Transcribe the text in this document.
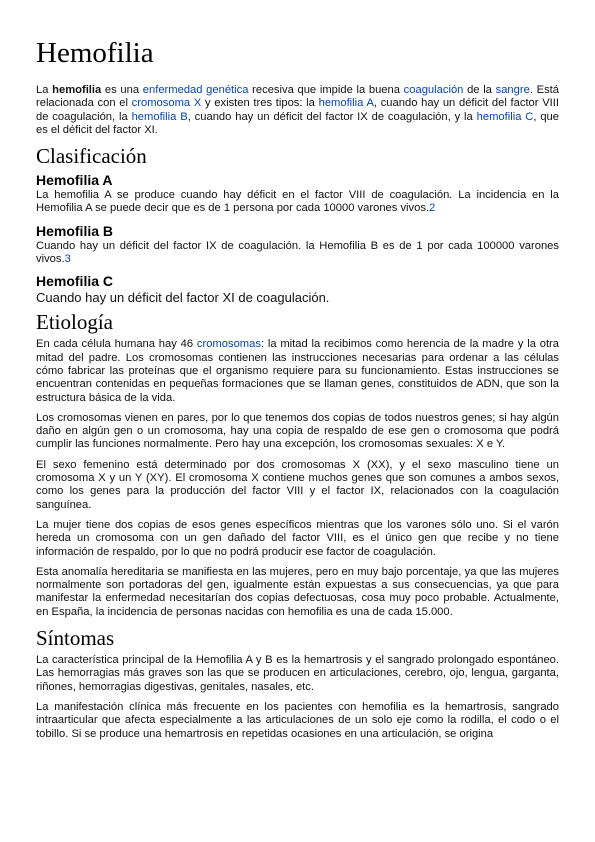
Hemofilia

La hemofilia es una enfermedad genética recesiva que impide la buena coagulación de la sangre. Está relacionada con el cromosoma X y existen tres tipos: la hemofilia A, cuando hay un déficit del factor VIII de coagulación, la hemofilia B, cuando hay un déficit del factor IX de coagulación, y la hemofilia C, que es el déficit del factor XI.

Clasificación
Hemofilia A

La hemofilia A se produce cuando hay déficit en el factor VIII de coagulación. La incidencia en la Hemofilia A se puede decir que es de 1 persona por cada 10000 varones vivos.2

Hemofilia B

Cuando hay un déficit del factor IX de coagulación. la Hemofilia B es de 1 por cada 100000 varones vivos.3

Hemofilia C

Cuando hay un déficit del factor XI de coagulación.

Etiología

En cada célula humana hay 46 cromosomas: la mitad la recibimos como herencia de la madre y la otra mitad del padre. Los cromosomas contienen las instrucciones necesarias para ordenar a las células cómo fabricar las proteínas que el organismo requiere para su funcionamiento. Estas instrucciones se encuentran contenidas en pequeñas formaciones que se llaman genes, constituidos de ADN, que son la estructura básica de la vida.

Los cromosomas vienen en pares, por lo que tenemos dos copias de todos nuestros genes; si hay algún daño en algún gen o un cromosoma, hay una copia de respaldo de ese gen o cromosoma que podrá cumplir las funciones normalmente. Pero hay una excepción, los cromosomas sexuales: X e Y.

El sexo femenino está determinado por dos cromosomas X (XX), y el sexo masculino tiene un cromosoma X y un Y (XY). El cromosoma X contiene muchos genes que son comunes a ambos sexos, como los genes para la producción del factor VIII y el factor IX, relacionados con la coagulación sanguínea.

La mujer tiene dos copias de esos genes específicos mientras que los varones sólo uno. Si el varón hereda un cromosoma con un gen dañado del factor VIII, es el único gen que recibe y no tiene información de respaldo, por lo que no podrá producir ese factor de coagulación.

Esta anomalía hereditaria se manifiesta en las mujeres, pero en muy bajo porcentaje, ya que las mujeres normalmente son portadoras del gen, igualmente están expuestas a sus consecuencias, ya que para manifestar la enfermedad necesitarían dos copias defectuosas, cosa muy poco probable. Actualmente, en España, la incidencia de personas nacidas con hemofilia es una de cada 15.000.

Síntomas

La característica principal de la Hemofilia A y B es la hemartrosis y el sangrado prolongado espontáneo. Las hemorragias más graves son las que se producen en articulaciones, cerebro, ojo, lengua, garganta, riñones, hemorragias digestivas, genitales, nasales, etc.

La manifestación clínica más frecuente en los pacientes con hemofilia es la hemartrosis, sangrado intraarticular que afecta especialmente a las articulaciones de un solo eje como la rodilla, el codo o el tobillo. Si se produce una hemartrosis en repetidas ocasiones en una articulación, se origina
